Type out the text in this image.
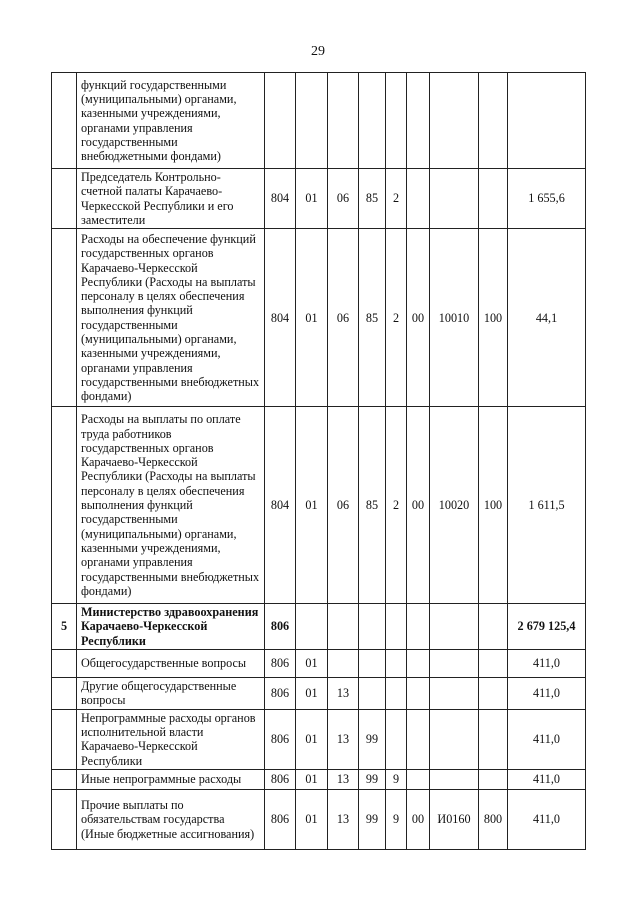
29
	функций государственными (муниципальными) органами, казенными учреждениями, органами управления государственными внебюджетными фондами)									
	Председатель Контрольно-счетной палаты Карачаево-Черкесской Республики и его заместители	804	01	06	85	2				1 655,6
	Расходы на обеспечение функций государственных органов Карачаево-Черкесской Республики (Расходы на выплаты персоналу в целях обеспечения выполнения функций государственными (муниципальными) органами, казенными учреждениями, органами управления государственными внебюджетных фондами)	804	01	06	85	2	00	10010	100	44,1
	Расходы на выплаты по оплате труда работников государственных органов Карачаево-Черкесской Республики (Расходы на выплаты персоналу в целях обеспечения выполнения функций государственными (муниципальными) органами, казенными учреждениями, органами управления государственными внебюджетных фондами)	804	01	06	85	2	00	10020	100	1 611,5
5	Министерство здравоохранения Карачаево-Черкесской Республики	806								2 679 125,4
	Общегосударственные вопросы	806	01							411,0
	Другие общегосударственные вопросы	806	01	13						411,0
	Непрограммные расходы органов исполнительной власти Карачаево-Черкесской Республики	806	01	13	99					411,0
	Иные непрограммные расходы	806	01	13	99	9				411,0
	Прочие выплаты по обязательствам государства (Иные бюджетные ассигнования)	806	01	13	99	9	00	И0160	800	411,0
